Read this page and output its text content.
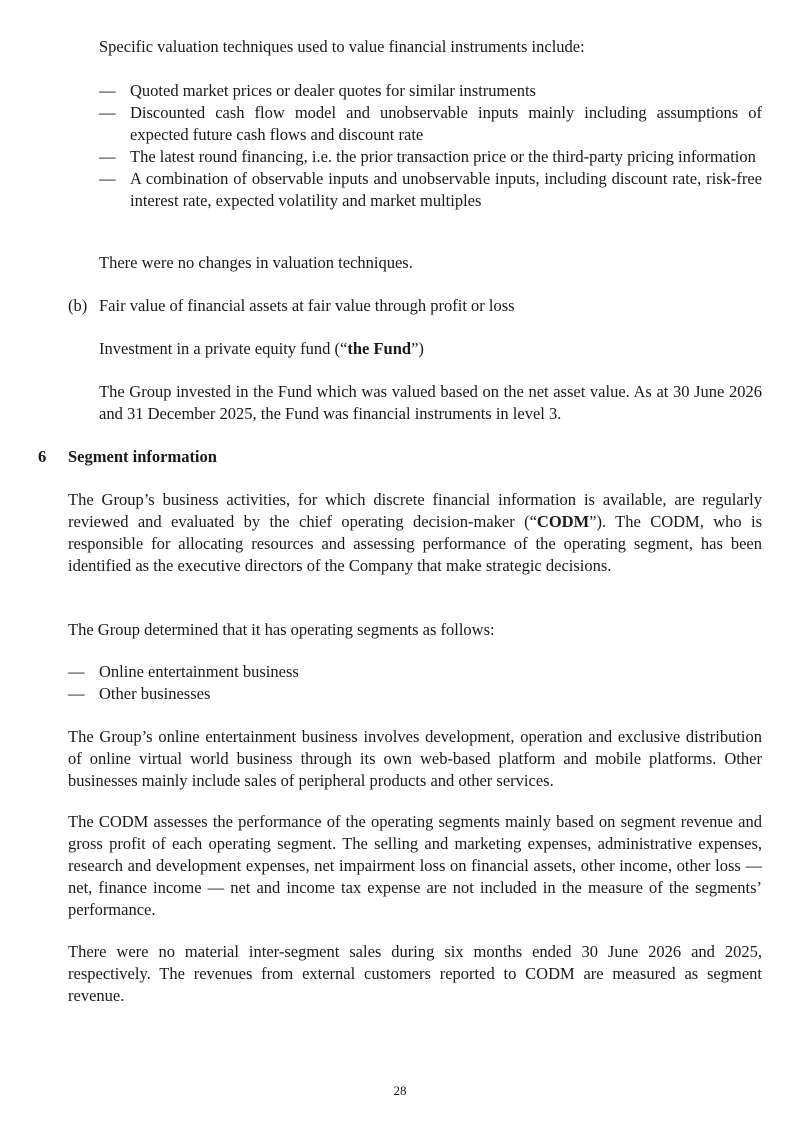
Specific valuation techniques used to value financial instruments include:

— Quoted market prices or dealer quotes for similar instruments
— Discounted cash flow model and unobservable inputs mainly including assumptions of expected future cash flows and discount rate
— The latest round financing, i.e. the prior transaction price or the third-party pricing information
— A combination of observable inputs and unobservable inputs, including discount rate, risk-free interest rate, expected volatility and market multiples

There were no changes in valuation techniques.

(b) Fair value of financial assets at fair value through profit or loss

Investment in a private equity fund (“the Fund”)

The Group invested in the Fund which was valued based on the net asset value. As at 30 June 2026 and 31 December 2025, the Fund was financial instruments in level 3.

6 Segment information

The Group’s business activities, for which discrete financial information is available, are regularly reviewed and evaluated by the chief operating decision-maker (“CODM”). The CODM, who is responsible for allocating resources and assessing performance of the operating segment, has been identified as the executive directors of the Company that make strategic decisions.

The Group determined that it has operating segments as follows:

— Online entertainment business
— Other businesses

The Group’s online entertainment business involves development, operation and exclusive distribution of online virtual world business through its own web-based platform and mobile platforms. Other businesses mainly include sales of peripheral products and other services.

The CODM assesses the performance of the operating segments mainly based on segment revenue and gross profit of each operating segment. The selling and marketing expenses, administrative expenses, research and development expenses, net impairment loss on financial assets, other income, other loss — net, finance income — net and income tax expense are not included in the measure of the segments’ performance.

There were no material inter-segment sales during six months ended 30 June 2026 and 2025, respectively. The revenues from external customers reported to CODM are measured as segment revenue.

28
